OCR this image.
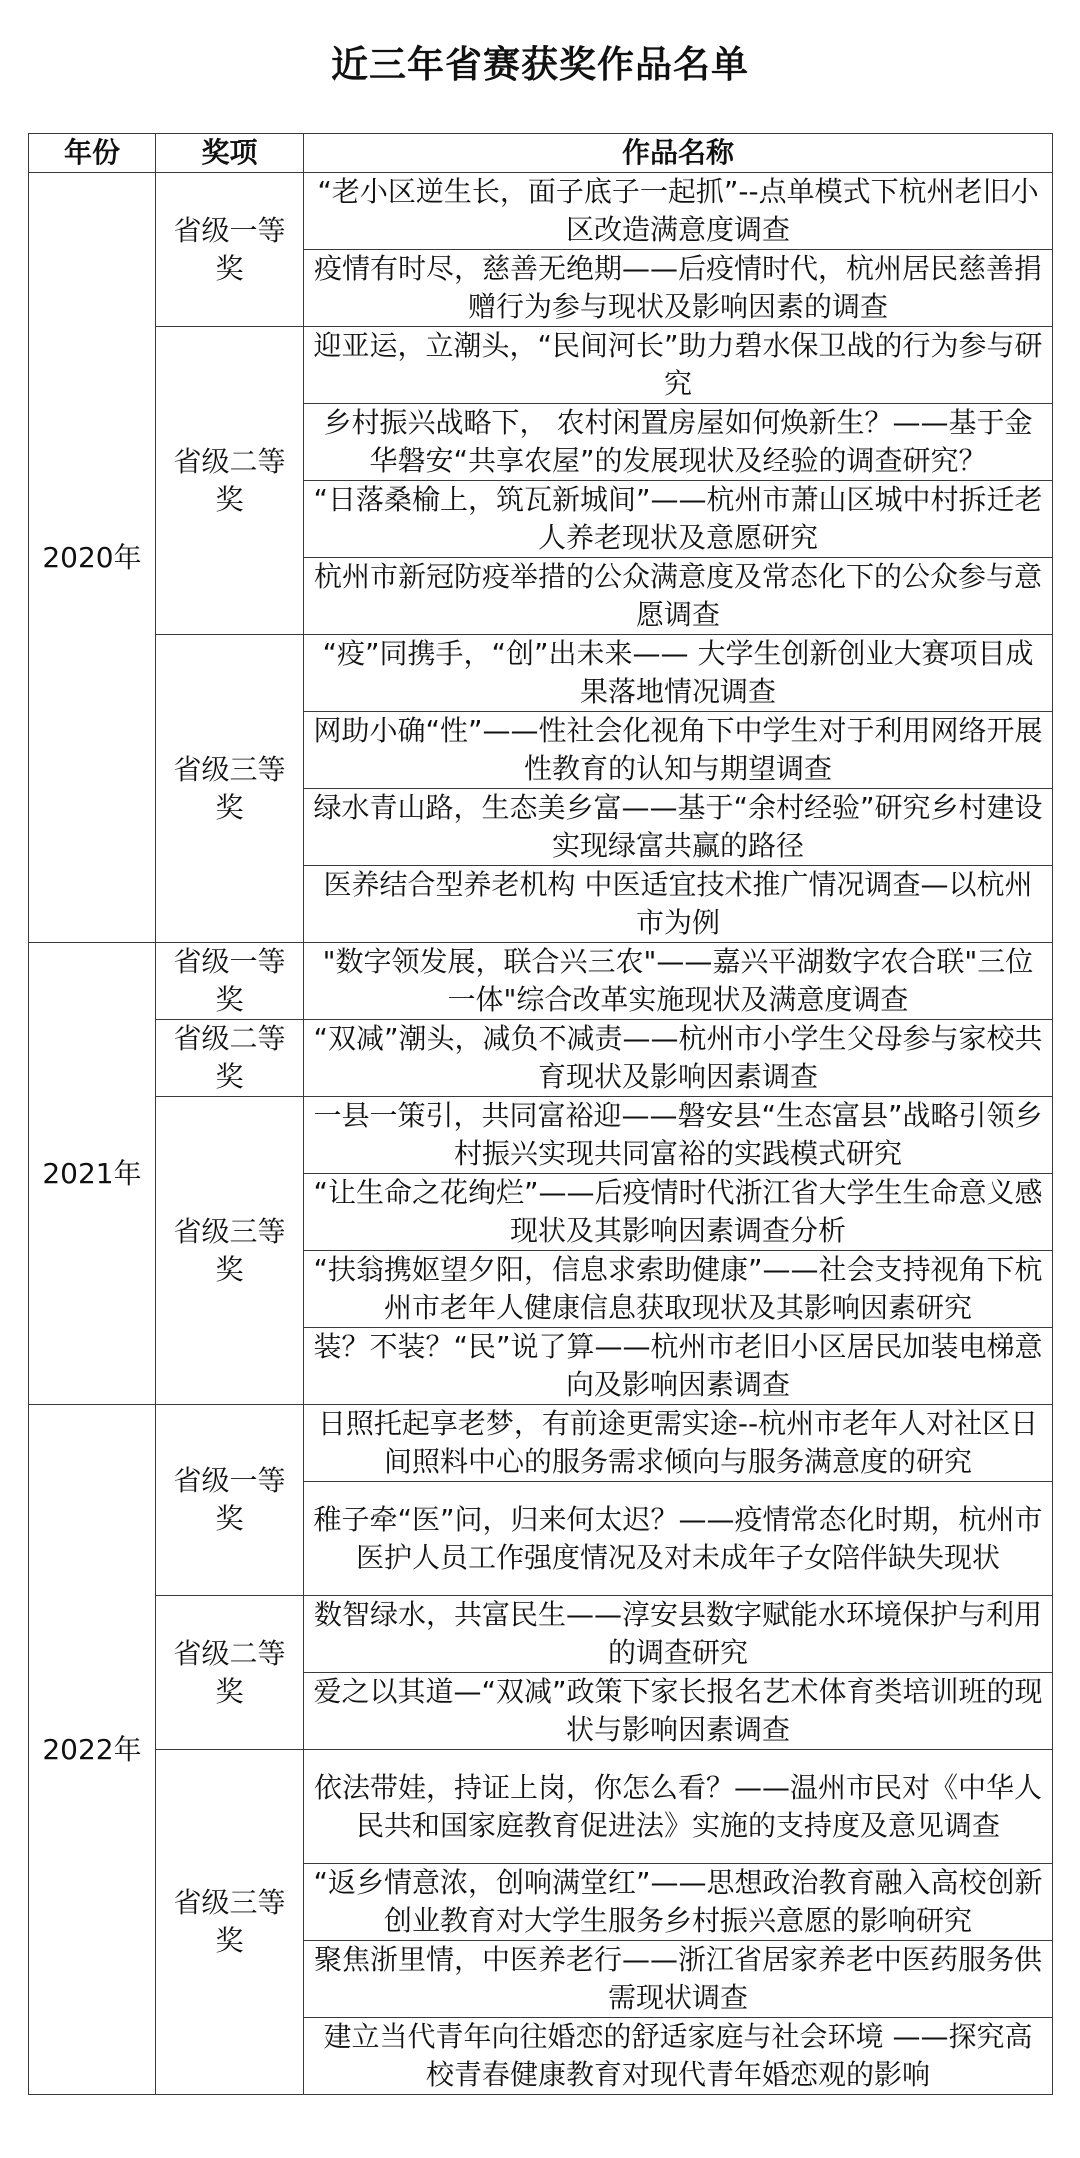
近三年省赛获奖作品名单
年份	奖项	作品名称
2020年	省级一等奖	“老小区逆生长，面子底子一起抓”--点单模式下杭州老旧小区改造满意度调查
		疫情有时尽，慈善无绝期——后疫情时代，杭州居民慈善捐赠行为参与现状及影响因素的调查
	省级二等奖	迎亚运，立潮头，“民间河长”助力碧水保卫战的行为参与研究
		乡村振兴战略下， 农村闲置房屋如何焕新生？——基于金华磐安“共享农屋”的发展现状及经验的调查研究？
		“日落桑榆上，筑瓦新城间”——杭州市萧山区城中村拆迁老人养老现状及意愿研究
		杭州市新冠防疫举措的公众满意度及常态化下的公众参与意愿调查
	省级三等奖	“疫”同携手，“创”出未来—— 大学生创新创业大赛项目成果落地情况调查
		网助小确“性”——性社会化视角下中学生对于利用网络开展性教育的认知与期望调查
		绿水青山路，生态美乡富——基于“余村经验”研究乡村建设实现绿富共赢的路径
		医养结合型养老机构 中医适宜技术推广情况调查—以杭州市为例
2021年	省级一等奖	"数字领发展，联合兴三农"——嘉兴平湖数字农合联"三位一体"综合改革实施现状及满意度调查
	省级二等奖	“双减”潮头，减负不减责——杭州市小学生父母参与家校共育现状及影响因素调查
	省级三等奖	一县一策引，共同富裕迎——磐安县“生态富县”战略引领乡村振兴实现共同富裕的实践模式研究
		“让生命之花绚烂”——后疫情时代浙江省大学生生命意义感现状及其影响因素调查分析
		“扶翁携妪望夕阳，信息求索助健康”——社会支持视角下杭州市老年人健康信息获取现状及其影响因素研究
		装？不装？“民”说了算——杭州市老旧小区居民加装电梯意向及影响因素调查
2022年	省级一等奖	日照托起享老梦，有前途更需实途--杭州市老年人对社区日间照料中心的服务需求倾向与服务满意度的研究
		稚子牵“医”问，归来何太迟？——疫情常态化时期，杭州市医护人员工作强度情况及对未成年子女陪伴缺失现状
	省级二等奖	数智绿水，共富民生——淳安县数字赋能水环境保护与利用的调查研究
		爱之以其道—“双减”政策下家长报名艺术体育类培训班的现状与影响因素调查
	省级三等奖	依法带娃，持证上岗，你怎么看？——温州市民对《中华人民共和国家庭教育促进法》实施的支持度及意见调查
		“返乡情意浓，创响满堂红”——思想政治教育融入高校创新创业教育对大学生服务乡村振兴意愿的影响研究
		聚焦浙里情，中医养老行——浙江省居家养老中医药服务供需现状调查
		建立当代青年向往婚恋的舒适家庭与社会环境 ——探究高校青春健康教育对现代青年婚恋观的影响
